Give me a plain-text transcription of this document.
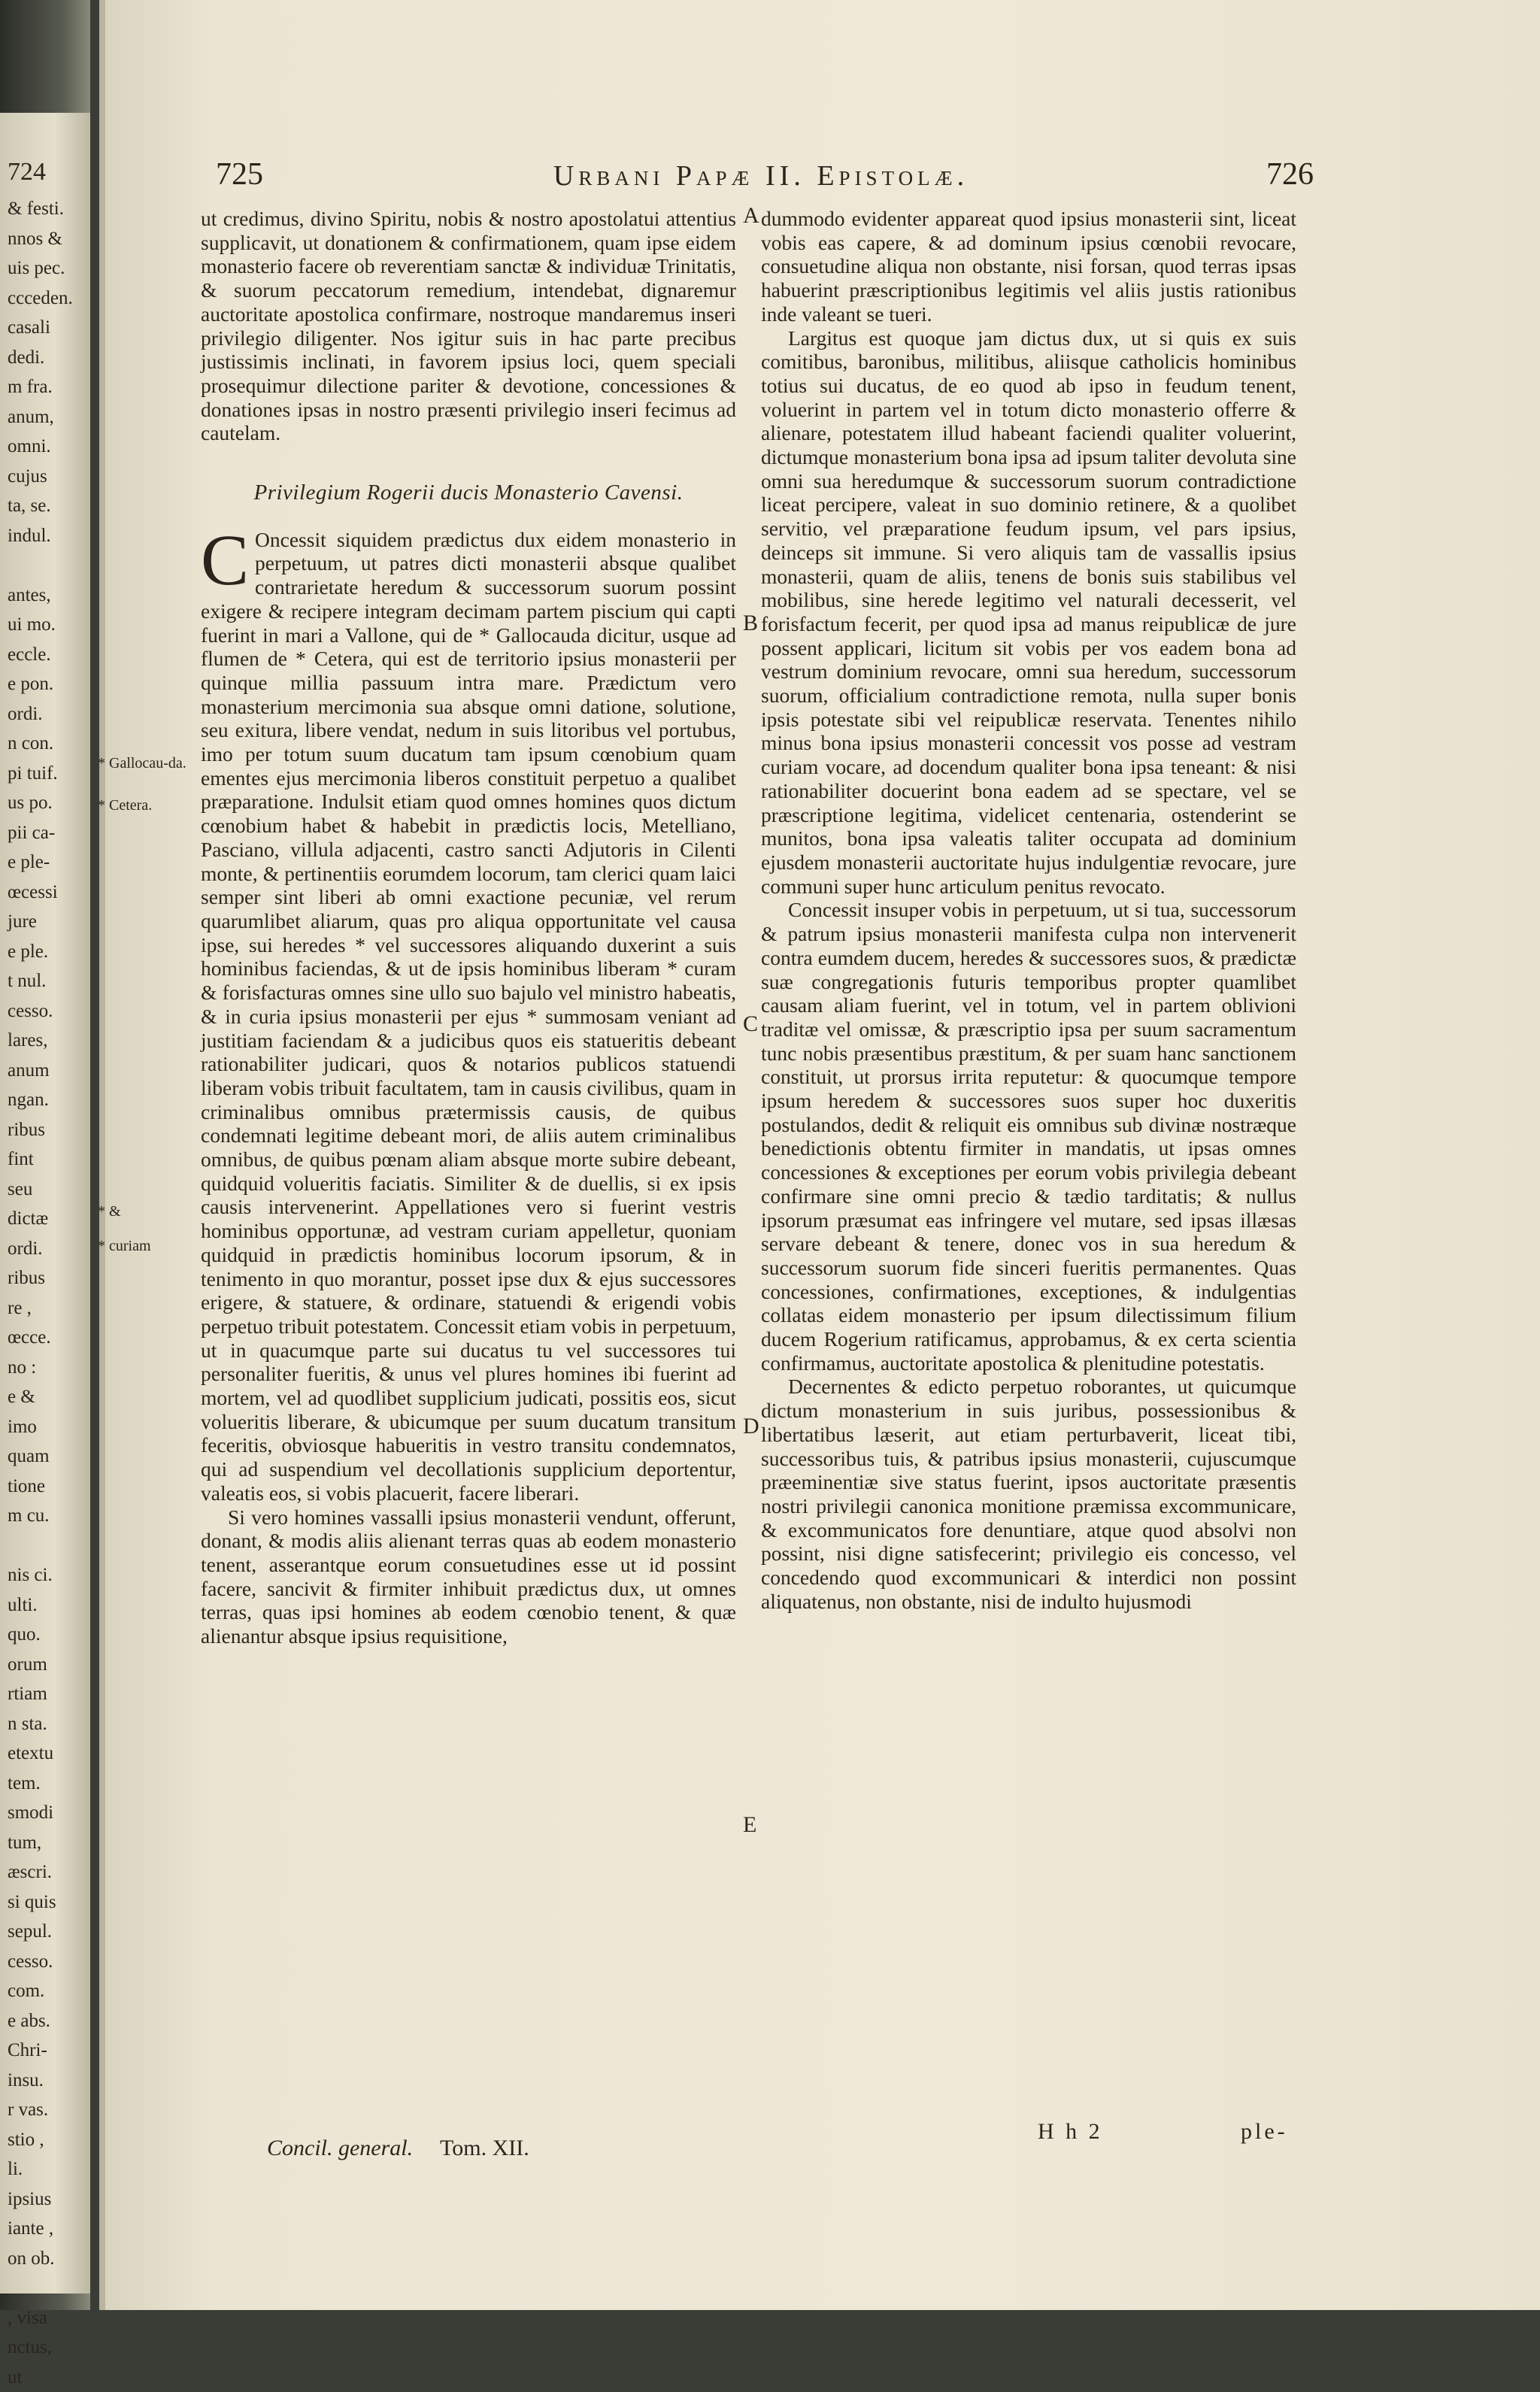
724
& festi.
nnos &
uis pec.
ccceden.
casali
dedi.
m fra.
anum,
omni.
cujus
ta, se.
indul.

antes,
ui mo.
eccle.
e pon.
ordi.
n con.
pi tuif.
us po.
pii ca-
e ple-
œcessi
jure
e ple.
t nul.
cesso.
lares,
anum
ngan.
ribus
fint
seu
dictæ
ordi.
ribus
re ,
œcce.
no :
e &
imo
quam
tione
m cu.

nis ci.
ulti.
quo.
orum
rtiam
n sta.
etextu
tem.
smodi
tum,
æscri.
si quis
sepul.
cesso.
com.
e abs.
Chri-
insu.
r vas.
stio ,
li.
ipsius
iante ,
on ob.

, visa
nctus,
ut
725	Urbani Papæ II. Epistolæ.	726

ut credimus, divino Spiritu, nobis & nostro apostolatui attentius supplicavit, ut donationem & confirmationem, quam ipse eidem monasterio facere ob reverentiam sanctæ & individuæ Trinitatis, & suorum peccatorum remedium, intendebat, dignaremur auctoritate apostolica confirmare, nostroque mandaremus inseri privilegio diligenter. Nos igitur suis in hac parte precibus justissimis inclinati, in favorem ipsius loci, quem speciali prosequimur dilectione pariter & devotione, concessiones & donationes ipsas in nostro præsenti privilegio inseri fecimus ad cautelam.

Privilegium Rogerii ducis Monasterio Cavensi.

C Oncessit siquidem prædictus dux eidem monasterio in perpetuum, ut patres dicti monasterii absque qualibet contrarietate heredum & successorum suorum possint exigere & recipere integram decimam partem piscium qui capti fuerint in mari a Vallone, qui de * Gallocauda dicitur, usque ad flumen de * Cetera, qui est de territorio ipsius monasterii per quinque millia passuum intra mare. Prædictum vero monasterium mercimonia sua absque omni datione, solutione, seu exitura, libere vendat, nedum in suis litoribus vel portubus, imo per totum suum ducatum tam ipsum cœnobium quam ementes ejus mercimonia liberos constituit perpetuo a qualibet præparatione. Indulsit etiam quod omnes homines quos dictum cœnobium habet & habebit in prædictis locis, Metelliano, Pasciano, villula adjacenti, castro sancti Adjutoris in Cilenti monte, & pertinentiis eorumdem locorum, tam clerici quam laici semper sint liberi ab omni exactione pecuniæ, vel rerum quarumlibet aliarum, quas pro aliqua opportunitate vel causa ipse, sui heredes * vel successores aliquando duxerint a suis hominibus faciendas, & ut de ipsis hominibus liberam * curam & forisfacturas omnes sine ullo suo bajulo vel ministro habeatis, & in curia ipsius monasterii per ejus * summosam veniant ad justitiam faciendam & a judicibus quos eis statueritis debeant rationabiliter judicari, quos & notarios publicos statuendi liberam vobis tribuit facultatem, tam in causis civilibus, quam in criminalibus omnibus prætermissis causis, de quibus condemnati legitime debeant mori, de aliis autem criminalibus omnibus, de quibus pœnam aliam absque morte subire debeant, quidquid volueritis faciatis. Similiter & de duellis, si ex ipsis causis intervenerint. Appellationes vero si fuerint vestris hominibus opportunæ, ad vestram curiam appelletur, quoniam quidquid in prædictis hominibus locorum ipsorum, & in tenimento in quo morantur, posset ipse dux & ejus successores erigere, & statuere, & ordinare, statuendi & erigendi vobis perpetuo tribuit potestatem. Concessit etiam vobis in perpetuum, ut in quacumque parte sui ducatus tu vel successores tui personaliter fueritis, & unus vel plures homines ibi fuerint ad mortem, vel ad quodlibet supplicium judicati, possitis eos, sicut volueritis liberare, & ubicumque per suum ducatum transitum feceritis, obviosque habueritis in vestro transitu condemnatos, qui ad suspendium vel decollationis supplicium deportentur, valeatis eos, si vobis placuerit, facere liberari.

Si vero homines vassalli ipsius monasterii vendunt, offerunt, donant, & modis aliis alienant terras quas ab eodem monasterio tenent, asserantque eorum consuetudines esse ut id possint facere, sancivit & firmiter inhibuit prædictus dux, ut omnes terras, quas ipsi homines ab eodem cœnobio tenent, & quæ alienantur absque ipsius requisitione,

dummodo evidenter appareat quod ipsius monasterii sint, liceat vobis eas capere, & ad dominum ipsius cœnobii revocare, consuetudine aliqua non obstante, nisi forsan, quod terras ipsas habuerint præscriptionibus legitimis vel aliis justis rationibus inde valeant se tueri.

Largitus est quoque jam dictus dux, ut si quis ex suis comitibus, baronibus, militibus, aliisque catholicis hominibus totius sui ducatus, de eo quod ab ipso in feudum tenent, voluerint in partem vel in totum dicto monasterio offerre & alienare, potestatem illud habeant faciendi qualiter voluerint, dictumque monasterium bona ipsa ad ipsum taliter devoluta sine omni sua heredumque & successorum suorum contradictione liceat percipere, valeat in suo dominio retinere, & a quolibet servitio, vel præparatione feudum ipsum, vel pars ipsius, deinceps sit immune. Si vero aliquis tam de vassallis ipsius monasterii, quam de aliis, tenens de bonis suis stabilibus vel mobilibus, sine herede legitimo vel naturali decesserit, vel forisfactum fecerit, per quod ipsa ad manus reipublicæ de jure possent applicari, licitum sit vobis per vos eadem bona ad vestrum dominium revocare, omni sua heredum, successorum suorum, officialium contradictione remota, nulla super bonis ipsis potestate sibi vel reipublicæ reservata. Tenentes nihilo minus bona ipsius monasterii concessit vos posse ad vestram curiam vocare, ad docendum qualiter bona ipsa teneant: & nisi rationabiliter docuerint bona eadem ad se spectare, vel se præscriptione legitima, videlicet centenaria, ostenderint se munitos, bona ipsa valeatis taliter occupata ad dominium ejusdem monasterii auctoritate hujus indulgentiæ revocare, jure communi super hunc articulum penitus revocato.

Concessit insuper vobis in perpetuum, ut si tua, successorum & patrum ipsius monasterii manifesta culpa non intervenerit contra eumdem ducem, heredes & successores suos, & prædictæ suæ congregationis futuris temporibus propter quamlibet causam aliam fuerint, vel in totum, vel in partem oblivioni traditæ vel omissæ, & præscriptio ipsa per suum sacramentum tunc nobis præsentibus præstitum, & per suam hanc sanctionem constituit, ut prorsus irrita reputetur: & quocumque tempore ipsum heredem & successores suos super hoc duxeritis postulandos, dedit & reliquit eis omnibus sub divinæ nostræque benedictionis obtentu firmiter in mandatis, ut ipsas omnes concessiones & exceptiones per eorum vobis privilegia debeant confirmare sine omni precio & tædio tarditatis; & nullus ipsorum præsumat eas infringere vel mutare, sed ipsas illæsas servare debeant & tenere, donec vos in sua heredum & successorum suorum fide sinceri fueritis permanentes. Quas concessiones, confirmationes, exceptiones, & indulgentias collatas eidem monasterio per ipsum dilectissimum filium ducem Rogerium ratificamus, approbamus, & ex certa scientia confirmamus, auctoritate apostolica & plenitudine potestatis.

Decernentes & edicto perpetuo roborantes, ut quicumque dictum monasterium in suis juribus, possessionibus & libertatibus læserit, aut etiam perturbaverit, liceat tibi, successoribus tuis, & patribus ipsius monasterii, cujuscumque præeminentiæ sive status fuerint, ipsos auctoritate præsentis nostri privilegii canonica monitione præmissa excommunicare, & excommunicatos fore denuntiare, atque quod absolvi non possint, nisi digne satisfecerint; privilegio eis concesso, vel concedendo quod excommunicari & interdici non possint aliquatenus, non obstante, nisi de indulto hujusmodi

A
B
C
D
E
* Gallocau-da.
* Cetera.
* &
* curiam
Concil. general. Tom. XII.
H h 2	ple-
